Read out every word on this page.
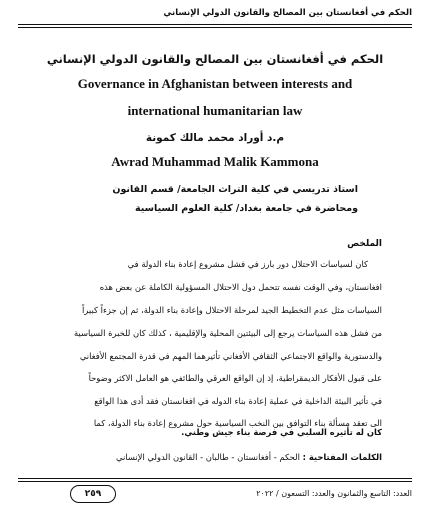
الحكم في أفغانستان بين المصالح والقانون الدولي الإنساني
الحكم في أفغانستان بين المصالح والقانون الدولي الإنساني
Governance in Afghanistan between interests and
international humanitarian law
م.د أوراد محمد مالك كمونة
Awrad Muhammad Malik Kammona
استاذ تدريسي في كلية التراث الجامعة/ قسم القانون
ومحاضرة في جامعة بغداد/ كلية العلوم السياسية
الملخص
كان لسياسات الاحتلال دور بارز في فشل مشروع إعادة بناء الدولة في
افغانستان، وفي الوقت نفسه تتحمل دول الاحتلال المسؤولية الكاملة عن بعض هذه
السياسات مثل عدم التخطيط الجيد لمرحلة الاحتلال وإعادة بناء الدولة، ثم إن جزءاً كبيراً
من فشل هذه السياسات يرجع إلى البيئتين المحلية والإقليمية ، كذلك كان للخبرة السياسية
والدستورية والواقع الاجتماعي الثقافي الأفغاني تأثيرهما المهم في قدرة المجتمع الأفغاني
على قبول الأفكار الديمقراطية، إذ إن الواقع العرقي والطائفي هو العامل الاكثر وضوحاً
في تأثير البيئة الداخلية في عملية إعادة بناء الدوله في افغانستان فقد أدى هذا الواقع
الى تعقد مسألة بناء التوافق بين النخب السياسية حول مشروع إعادة بناء الدولة، كما
كان له تأثيره السلبي في فرصة بناء جيش وطني.
الكلمات المفتاحية : الحكم - أفغانستان - طالبان - القانون الدولي الإنساني
٢٥٩	العدد: التاسع والثمانون والعدد: التسعون / ٢٠٢٢
